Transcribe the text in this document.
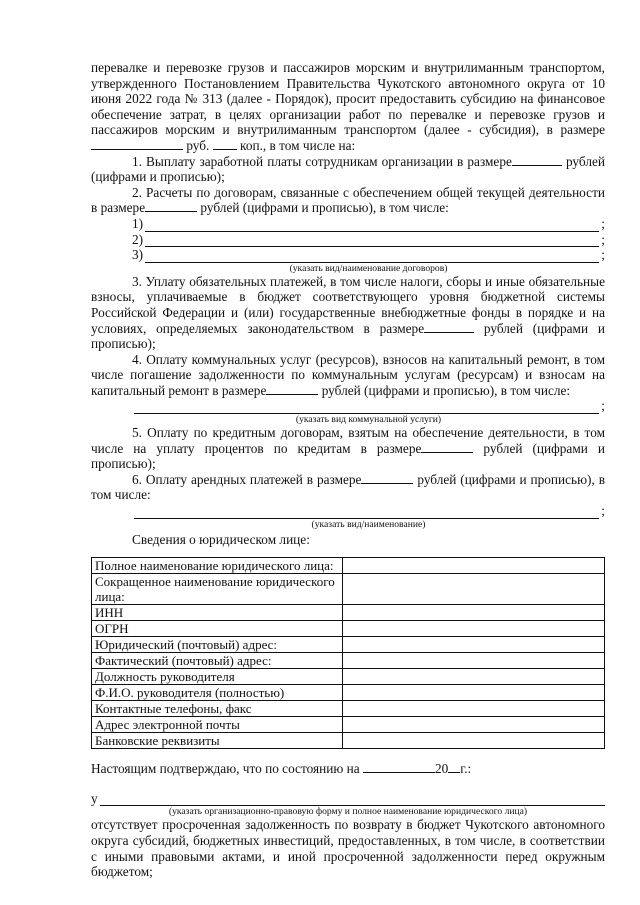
перевалке и перевозке грузов и пассажиров морским и внутрилиманным транспортом, утвержденного Постановлением Правительства Чукотского автономного округа от 10 июня 2022 года № 313 (далее - Порядок), просит предоставить субсидию на финансовое обеспечение затрат, в целях организации работ по перевалке и перевозке грузов и пассажиров морским и внутрилиманным транспортом (далее - субсидия), в размере  руб. коп., в том числе на:

1. Выплату заработной платы сотрудникам организации в размере	рублей (цифрами и прописью);

2. Расчеты по договорам, связанные с обеспечением общей текущей деятельности в размере	рублей (цифрами и прописью), в том числе:

1)	;
2)	;
3)	;
(указать вид/наименование договоров)

3. Уплату обязательных платежей, в том числе налоги, сборы и иные обязательные взносы, уплачиваемые в бюджет соответствующего уровня бюджетной системы Российской Федерации и (или) государственные внебюджетные фонды в порядке и на условиях, определяемых законодательством в размере	рублей (цифрами и прописью);

4. Оплату коммунальных услуг (ресурсов), взносов на капитальный ремонт, в том числе погашение задолженности по коммунальным услугам (ресурсам) и взносам на капитальный ремонт в размере	рублей (цифрами и прописью), в том числе:

;
(указать вид коммунальной услуги)

5. Оплату по кредитным договорам, взятым на обеспечение деятельности, в том числе на уплату процентов по кредитам в размере	рублей (цифрами и прописью);

6. Оплату арендных платежей в размере	рублей (цифрами и прописью), в том числе:

;
(указать вид/наименование)

Сведения о юридическом лице:

Полное наименование юридического лица:	
Сокращенное наименование юридического лица:	
ИНН	
ОГРН	
Юридический (почтовый) адрес:	
Фактический (почтовый) адрес:	
Должность руководителя	
Ф.И.О. руководителя (полностью)	
Контактные телефоны, факс	
Адрес электронной почты	
Банковские реквизиты	

Настоящим подтверждаю, что по состоянию на	20 г.:

у
(указать организационно-правовую форму и полное наименование юридического лица)

отсутствует просроченная задолженность по возврату в бюджет Чукотского автономного округа субсидий, бюджетных инвестиций, предоставленных, в том числе, в соответствии с иными правовыми актами, и иной просроченной задолженности перед окружным бюджетом;
